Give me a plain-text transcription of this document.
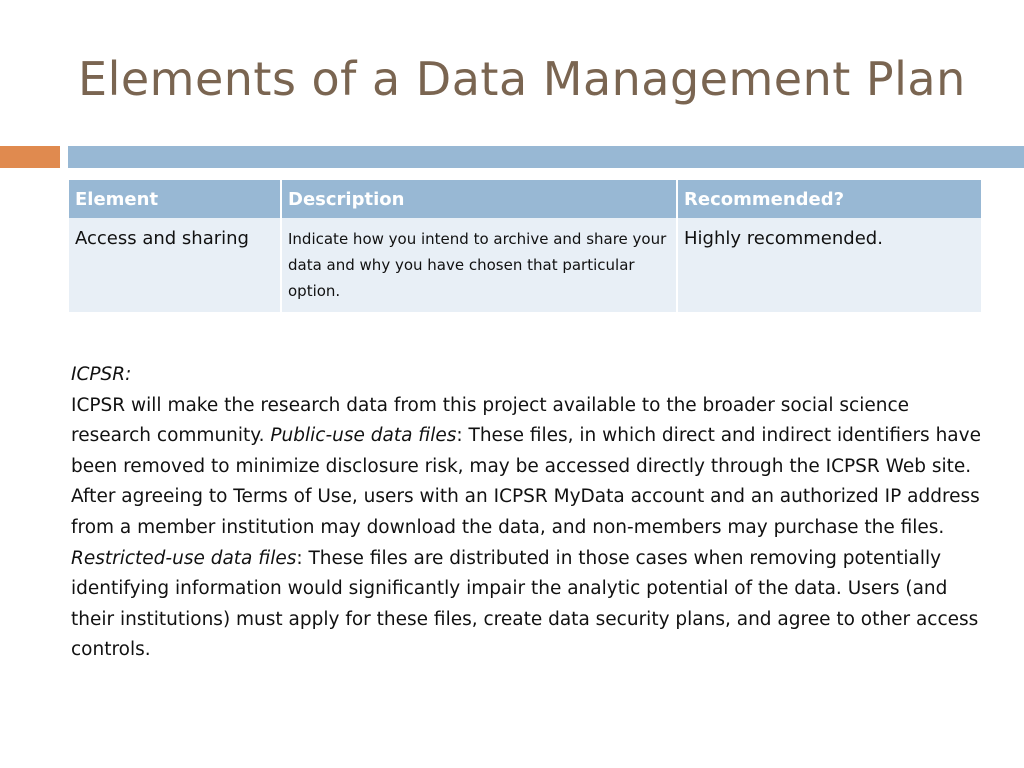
Elements of a Data Management Plan
Element	Description	Recommended?
Access and sharing	Indicate how you intend to archive and share your data and why you have chosen that particular option.	Highly recommended.

ICPSR:

ICPSR will make the research data from this project available to the broader social science research community. Public-use data files: These files, in which direct and indirect identifiers have been removed to minimize disclosure risk, may be accessed directly through the ICPSR Web site. After agreeing to Terms of Use, users with an ICPSR MyData account and an authorized IP address from a member institution may download the data, and non-members may purchase the files. Restricted-use data files: These files are distributed in those cases when removing potentially identifying information would significantly impair the analytic potential of the data. Users (and their institutions) must apply for these files, create data security plans, and agree to other access controls.
